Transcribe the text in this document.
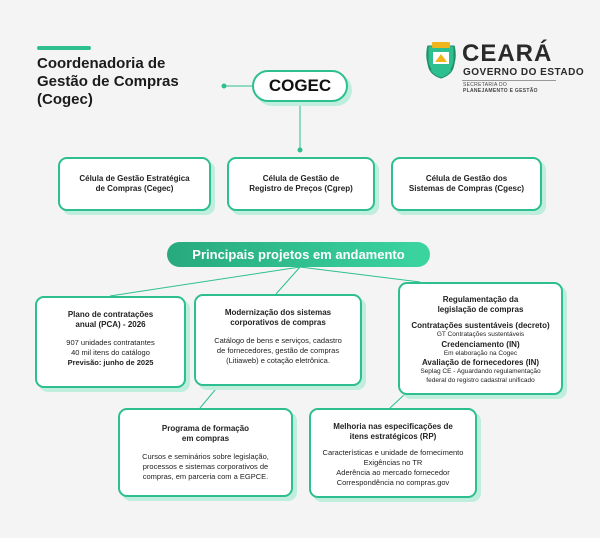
Coordenadoria de
Gestão de Compras
(Cogec)
CEARÁ
GOVERNO DO ESTADO
SECRETARIA DO
PLANEJAMENTO E GESTÃO
COGEC
Célula de Gestão Estratégica
de Compras (Cegec)
Célula de Gestão de
Registro de Preços (Cgrep)
Célula de Gestão dos
Sistemas de Compras (Cgesc)
Principais projetos em andamento
Plano de contratações
anual (PCA) - 2026
907 unidades contratantes
40 mil itens do catálogo
Previsão: junho de 2025
Modernização dos sistemas
corporativos de compras
Catálogo de bens e serviços, cadastro
de fornecedores, gestão de compras
(Litiaweb) e cotação eletrônica.
Regulamentação da
legislação de compras
Contratações sustentáveis (decreto)
GT Contratações sustentáveis
Credenciamento (IN)
Em elaboração na Cogec
Avaliação de fornecedores (IN)
Seplag CE - Aguardando regulamentação
federal do registro cadastral unificado
Programa de formação
em compras
Cursos e seminários sobre legislação,
processos e sistemas corporativos de
compras, em parceria com a EGPCE.
Melhoria nas especificações de
itens estratégicos (RP)
Características e unidade de fornecimento
Exigências no TR
Aderência ao mercado fornecedor
Correspondência no compras.gov
